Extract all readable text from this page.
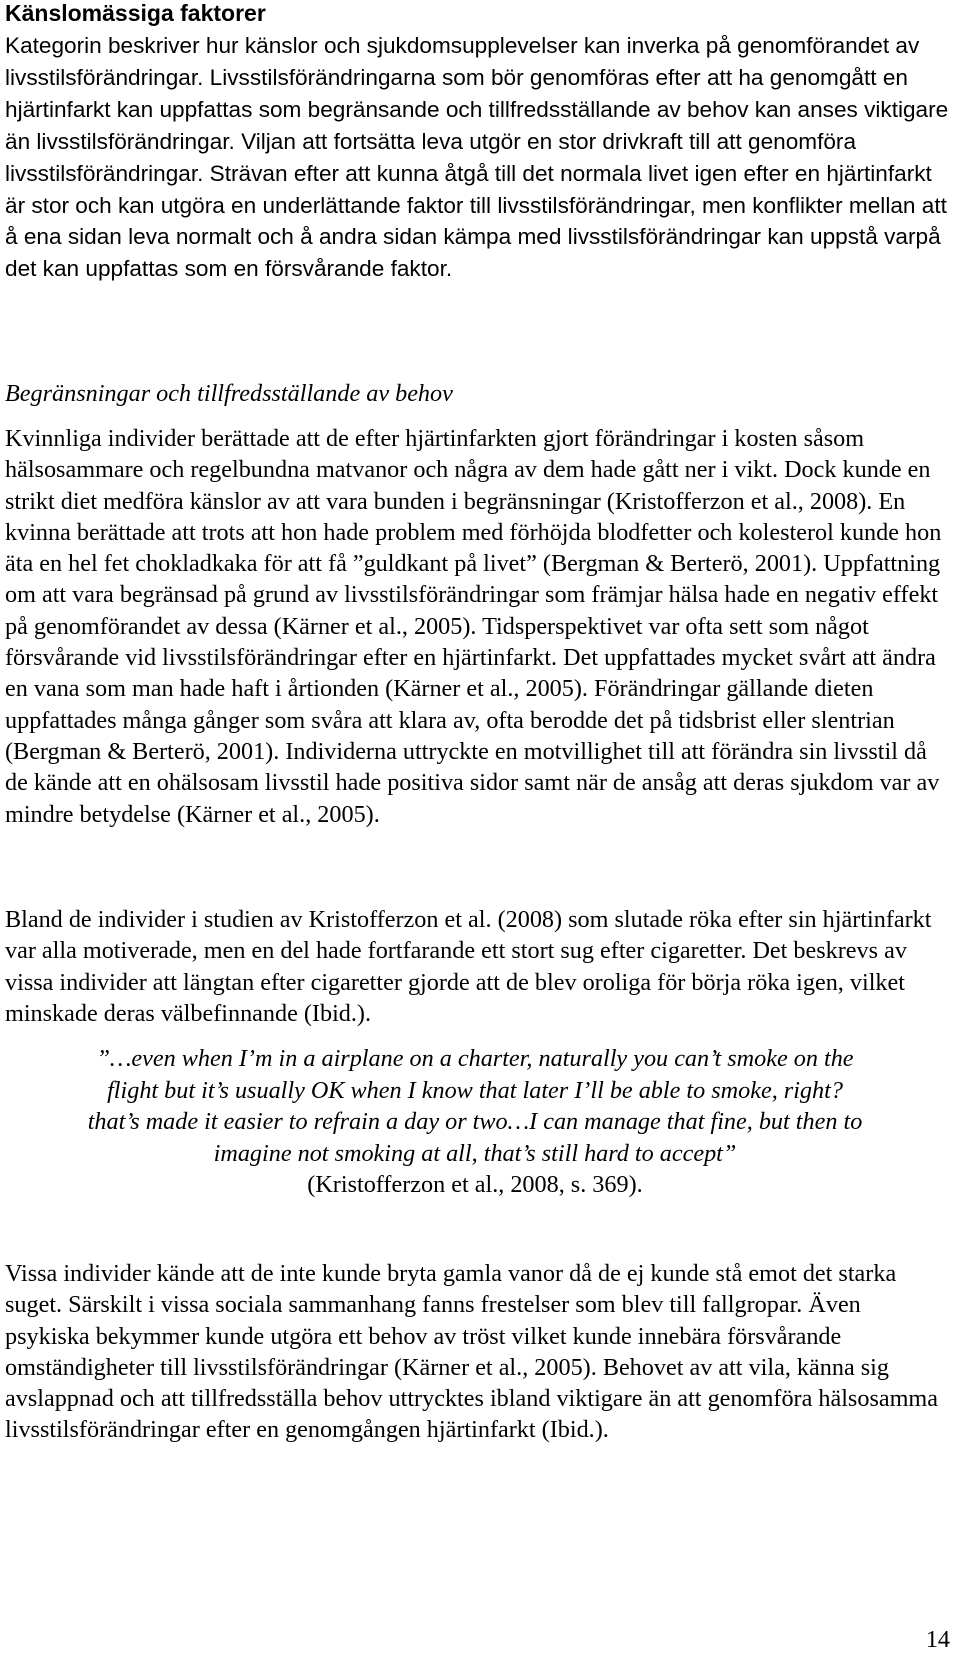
Känslomässiga faktorer

Kategorin beskriver hur känslor och sjukdomsupplevelser kan inverka på genomförandet av livsstilsförändringar. Livsstilsförändringarna som bör genomföras efter att ha genomgått en hjärtinfarkt kan uppfattas som begränsande och tillfredsställande av behov kan anses viktigare än livsstilsförändringar. Viljan att fortsätta leva utgör en stor drivkraft till att genomföra livsstilsförändringar. Strävan efter att kunna åtgå till det normala livet igen efter en hjärtinfarkt är stor och kan utgöra en underlättande faktor till livsstilsförändringar, men konflikter mellan att å ena sidan leva normalt och å andra sidan kämpa med livsstilsförändringar kan uppstå varpå det kan uppfattas som en försvårande faktor.

Begränsningar och tillfredsställande av behov

Kvinnliga individer berättade att de efter hjärtinfarkten gjort förändringar i kosten såsom hälsosammare och regelbundna matvanor och några av dem hade gått ner i vikt. Dock kunde en strikt diet medföra känslor av att vara bunden i begränsningar (Kristofferzon et al., 2008). En kvinna berättade att trots att hon hade problem med förhöjda blodfetter och kolesterol kunde hon äta en hel fet chokladkaka för att få ”guldkant på livet” (Bergman & Berterö, 2001). Uppfattning om att vara begränsad på grund av livsstilsförändringar som främjar hälsa hade en negativ effekt på genomförandet av dessa (Kärner et al., 2005). Tidsperspektivet var ofta sett som något försvårande vid livsstilsförändringar efter en hjärtinfarkt. Det uppfattades mycket svårt att ändra en vana som man hade haft i årtionden (Kärner et al., 2005). Förändringar gällande dieten uppfattades många gånger som svåra att klara av, ofta berodde det på tidsbrist eller slentrian (Bergman & Berterö, 2001). Individerna uttryckte en motvillighet till att förändra sin livsstil då de kände att en ohälsosam livsstil hade positiva sidor samt när de ansåg att deras sjukdom var av mindre betydelse (Kärner et al., 2005).

Bland de individer i studien av Kristofferzon et al. (2008) som slutade röka efter sin hjärtinfarkt var alla motiverade, men en del hade fortfarande ett stort sug efter cigaretter. Det beskrevs av vissa individer att längtan efter cigaretter gjorde att de blev oroliga för börja röka igen, vilket minskade deras välbefinnande (Ibid.).

”…even when I’m in a airplane on a charter, naturally you can’t smoke on the
flight but it’s usually OK when I know that later I’ll be able to smoke, right?
that’s made it easier to refrain a day or two…I can manage that fine, but then to
imagine not smoking at all, that’s still hard to accept”
(Kristofferzon et al., 2008, s. 369).

Vissa individer kände att de inte kunde bryta gamla vanor då de ej kunde stå emot det starka suget. Särskilt i vissa sociala sammanhang fanns frestelser som blev till fallgropar. Även psykiska bekymmer kunde utgöra ett behov av tröst vilket kunde innebära försvårande omständigheter till livsstilsförändringar (Kärner et al., 2005). Behovet av att vila, känna sig avslappnad och att tillfredsställa behov uttrycktes ibland viktigare än att genomföra hälsosamma livsstilsförändringar efter en genomgången hjärtinfarkt (Ibid.).

14
